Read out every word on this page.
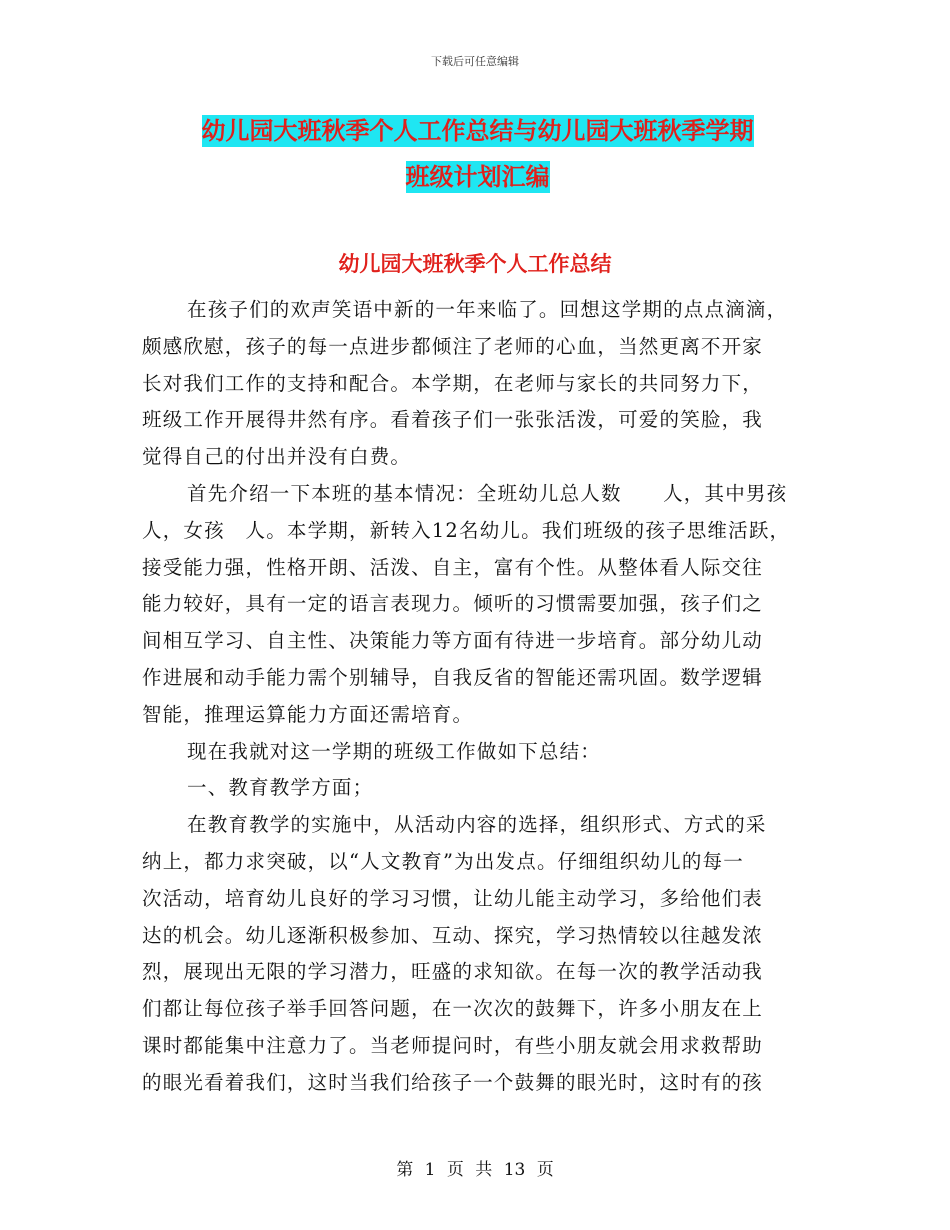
下载后可任意编辑
幼儿园大班秋季个人工作总结与幼儿园大班秋季学期
班级计划汇编
幼儿园大班秋季个人工作总结
在孩子们的欢声笑语中新的一年来临了。回想这学期的点点滴滴，
颇感欣慰，孩子的每一点进步都倾注了老师的心血，当然更离不开家
长对我们工作的支持和配合。本学期，在老师与家长的共同努力下，
班级工作开展得井然有序。看着孩子们一张张活泼，可爱的笑脸，我
觉得自己的付出并没有白费。
首先介绍一下本班的基本情况：全班幼儿总人数　　人，其中男孩
人，女孩　人。本学期，新转入12名幼儿。我们班级的孩子思维活跃，
接受能力强，性格开朗、活泼、自主，富有个性。从整体看人际交往
能力较好，具有一定的语言表现力。倾听的习惯需要加强，孩子们之
间相互学习、自主性、决策能力等方面有待进一步培育。部分幼儿动
作进展和动手能力需个别辅导，自我反省的智能还需巩固。数学逻辑
智能，推理运算能力方面还需培育。
现在我就对这一学期的班级工作做如下总结：
一、教育教学方面；
在教育教学的实施中，从活动内容的选择，组织形式、方式的采
纳上，都力求突破，以“人文教育”为出发点。仔细组织幼儿的每一
次活动，培育幼儿良好的学习习惯，让幼儿能主动学习，多给他们表
达的机会。幼儿逐渐积极参加、互动、探究，学习热情较以往越发浓
烈，展现出无限的学习潜力，旺盛的求知欲。在每一次的教学活动我
们都让每位孩子举手回答问题，在一次次的鼓舞下，许多小朋友在上
课时都能集中注意力了。当老师提问时，有些小朋友就会用求救帮助
的眼光看着我们，这时当我们给孩子一个鼓舞的眼光时，这时有的孩
第 1 页 共 13 页
